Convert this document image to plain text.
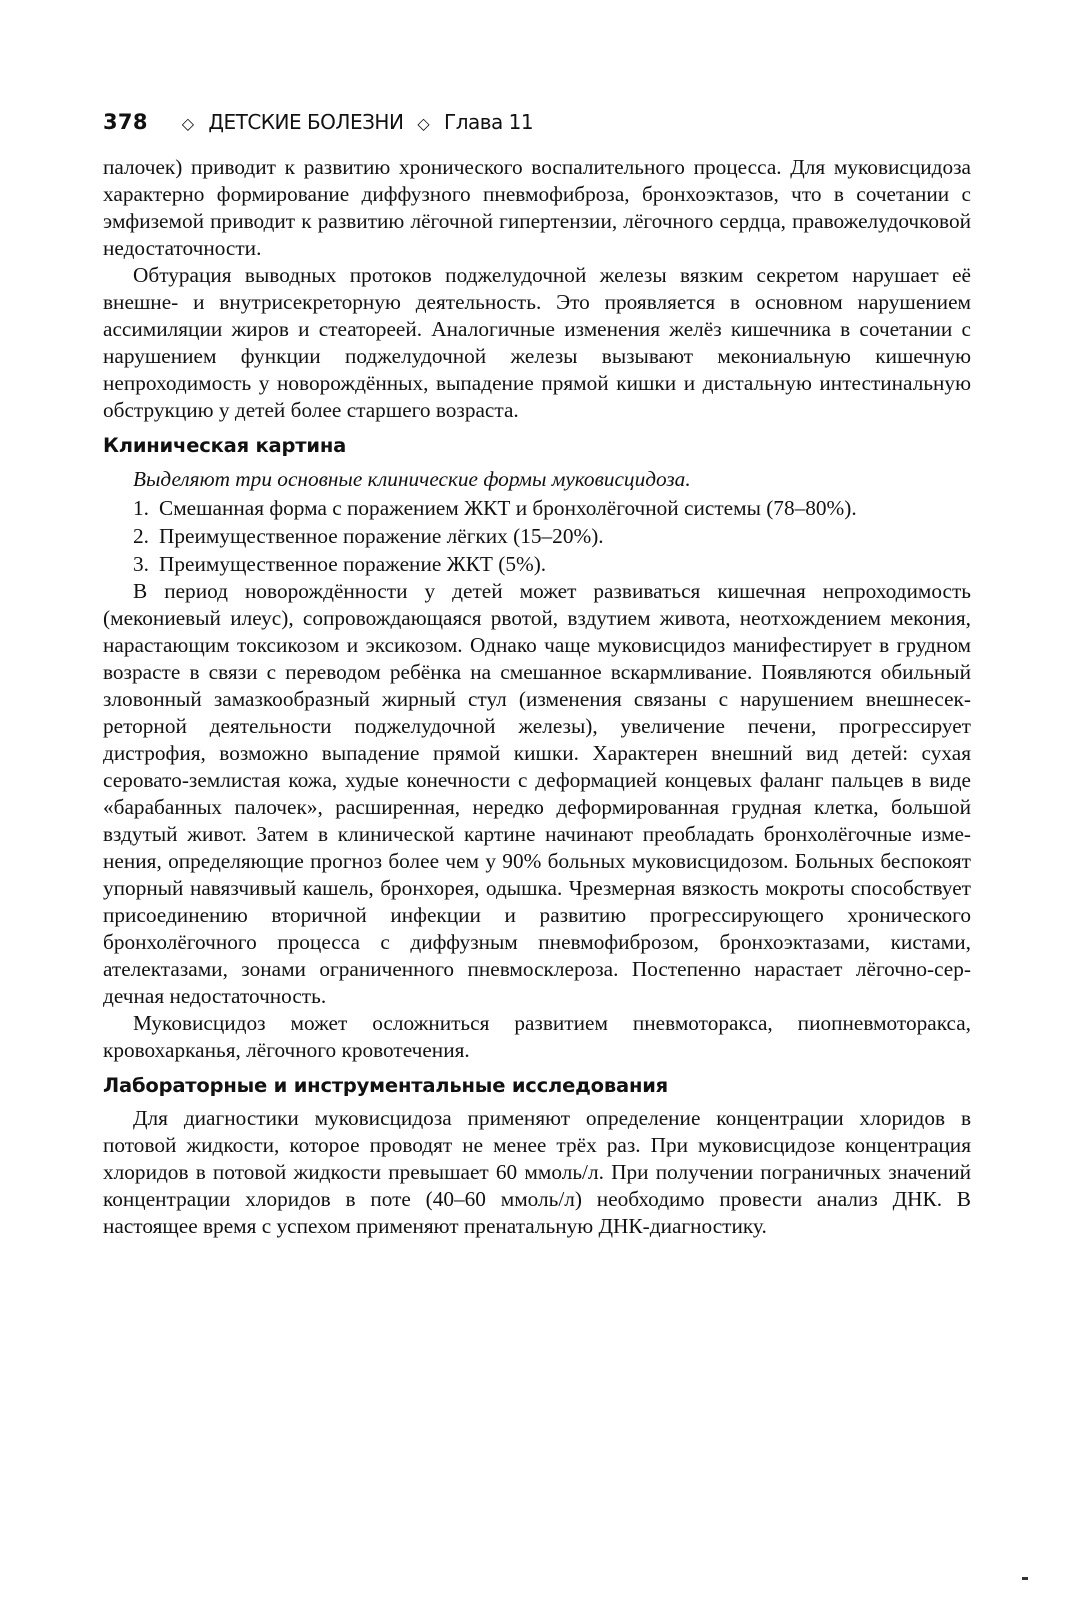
378 ◇ ДЕТСКИЕ БОЛЕЗНИ ◇ Глава 11

палочек) приводит к развитию хронического воспалительного процесса. Для муковисцидоза характерно формирование диффузного пневмофиброза, бронхоэктазов, что в сочетании с эмфиземой приводит к развитию лёгочной гипертензии, лёгочного сердца, правожелудочковой недостаточности.

Обтурация выводных протоков поджелудочной железы вязким секретом нарушает её внешне- и внутрисекреторную деятельность. Это проявляется в основном нарушением ассимиляции жиров и стеатореей. Аналогичные изменения желёз кишечника в сочетании с нарушением функции поджелудочной железы вызывают мекониальную кишечную непроходимость у новорождённых, выпадение прямой кишки и дистальную интестинальную обструкцию у детей более старшего возраста.

Клиническая картина

Выделяют три основные клинические формы муковисцидоза.

1. Смешанная форма с поражением ЖКТ и бронхолёгочной системы (78–80%).
2. Преимущественное поражение лёгких (15–20%).
3. Преимущественное поражение ЖКТ (5%).

В период новорождённости у детей может развиваться кишечная непроходимость (мекониевый илеус), сопровождающаяся рвотой, вздутием живота, неотхождением мекония, нарастающим токсикозом и эксикозом. Однако чаще муковисцидоз манифестирует в грудном возрасте в связи с переводом ребёнка на смешанное вскармливание. Появляются обильный зловонный замазкообразный жирный стул (изменения связаны с нарушением внешнесекреторной деятельности поджелудочной железы), увеличение печени, прогрессирует дистрофия, возможно выпадение прямой кишки. Характерен внешний вид детей: сухая серовато-землистая кожа, худые конечности с деформацией концевых фаланг пальцев в виде «барабанных палочек», расширенная, нередко деформированная грудная клетка, большой вздутый живот. Затем в клинической картине начинают преобладать бронхолёгочные изменения, определяющие прогноз более чем у 90% больных муковисцидозом. Больных беспокоят упорный навязчивый кашель, бронхорея, одышка. Чрезмерная вязкость мокроты способствует присоединению вторичной инфекции и развитию прогрессирующего хронического бронхолёгочного процесса с диффузным пневмофиброзом, бронхоэктазами, кистами, ателектазами, зонами ограниченного пневмосклероза. Постепенно нарастает лёгочно-сердечная недостаточность.

Муковисцидоз может осложниться развитием пневмоторакса, пиопневмоторакса, кровохарканья, лёгочного кровотечения.

Лабораторные и инструментальные исследования

Для диагностики муковисцидоза применяют определение концентрации хлоридов в потовой жидкости, которое проводят не менее трёх раз. При муковисцидозе концентрация хлоридов в потовой жидкости превышает 60 ммоль/л. При получении пограничных значений концентрации хлоридов в поте (40–60 ммоль/л) необходимо провести анализ ДНК. В настоящее время с успехом применяют пренатальную ДНК-диагностику.
